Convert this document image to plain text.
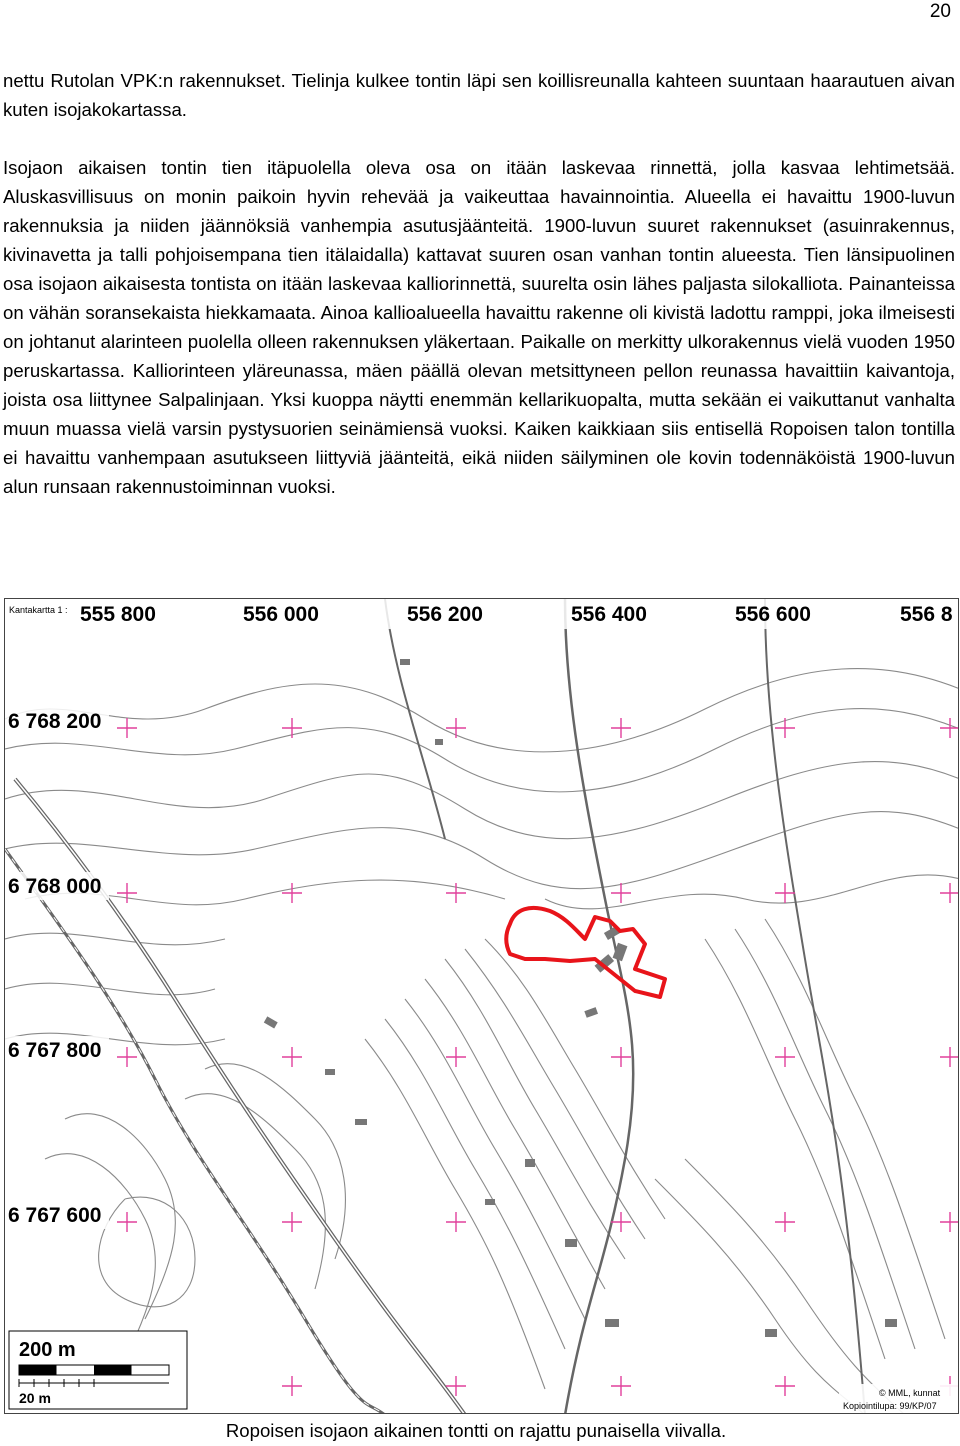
20

nettu Rutolan VPK:n rakennukset. Tielinja kulkee tontin läpi sen koillisreunalla kahteen suuntaan haarautuen aivan kuten isojakokartassa.

Isojaon aikaisen tontin tien itäpuolella oleva osa on itään laskevaa rinnettä, jolla kasvaa lehtimetsää. Aluskasvillisuus on monin paikoin hyvin rehevää ja vaikeuttaa havainnointia. Alueella ei havaittu 1900-luvun rakennuksia ja niiden jäännöksiä vanhempia asutusjäänteitä. 1900-luvun suuret rakennukset (asuinrakennus, kivinavetta ja talli pohjoisempana tien itälaidalla) kattavat suuren osan vanhan tontin alueesta. Tien länsipuolinen osa isojaon aikaisesta tontista on itään laskevaa kalliorinnettä, suurelta osin lähes paljasta silokalliota. Painanteissa on vähän soransekaista hiekkamaata. Ainoa kallioalueella havaittu rakenne oli kivistä ladottu ramppi, joka ilmeisesti on johtanut alarinteen puolella olleen rakennuksen yläkertaan. Paikalle on merkitty ulkorakennus vielä vuoden 1950 peruskartassa. Kalliorinteen yläreunassa, mäen päällä olevan metsittyneen pellon reunassa havaittiin kaivantoja, joista osa liittynee Salpalinjaan. Yksi kuoppa näytti enemmän kellarikuopalta, mutta sekään ei vaikuttanut vanhalta muun muassa vielä varsin pystysuorien seinämiensä vuoksi. Kaiken kaikkiaan siis entisellä Ropoisen talon tontilla ei havaittu vanhempaan asutukseen liittyviä jäänteitä, eikä niiden säilyminen ole kovin todennäköistä 1900-luvun alun runsaan rakennustoiminnan vuoksi.

Kantakartta 1 : 555 800	556 000	556 200	556 400	556 600	556 8
6 768 200
6 768 000
6 767 800
6 767 600
200 m
20 m	© MML, kunnat
Kopiointilupa: 99/KP/07
Ropoisen isojaon aikainen tontti on rajattu punaisella viivalla.
